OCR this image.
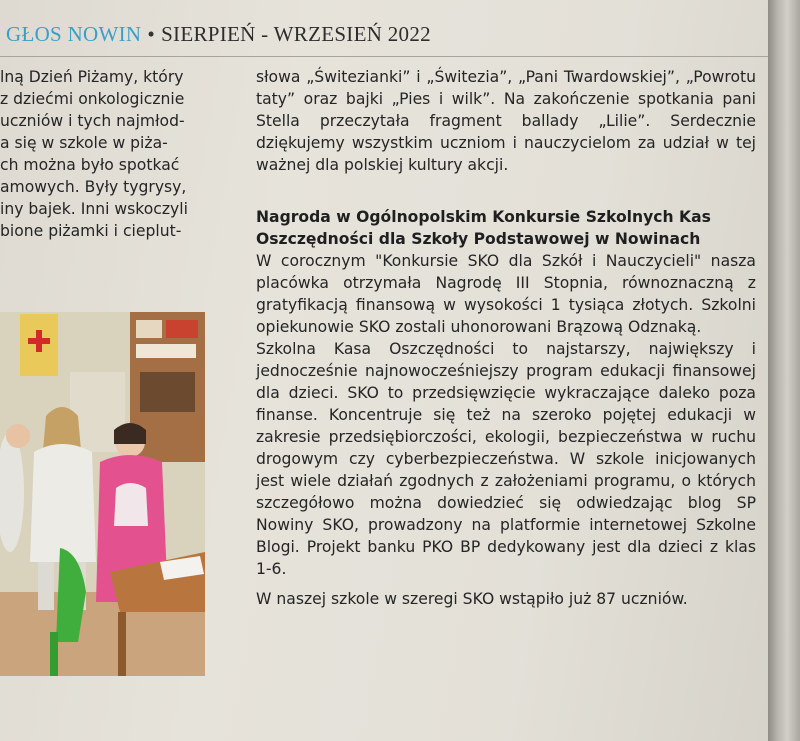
GŁOS NOWIN • SIERPIEŃ - WRZESIEŃ 2022
lną Dzień Piżamy, który
z dziećmi onkologicznie
uczniów i tych najmłod-
a się w szkole w piża-
ch można było spotkać
amowych. Były tygrysy,
iny bajek. Inni wskoczyli
bione piżamki i cieplut-

słowa „Świtezianki” i „Świtezia”, „Pani Twardowskiej”, „Powrotu taty” oraz bajki „Pies i wilk”. Na zakończenie spotkania pani Stella przeczytała fragment ballady „Lilie”. Serdecznie dziękujemy wszystkim uczniom i nauczycielom za udział w tej ważnej dla polskiej kultury akcji.

Nagroda w Ogólnopolskim Konkursie Szkolnych Kas Oszczędności dla Szkoły Podstawowej w Nowinach

W corocznym "Konkursie SKO dla Szkół i Nauczycieli" nasza placówka otrzymała Nagrodę III Stopnia, równoznaczną z gratyfikacją finansową w wysokości 1 tysiąca złotych. Szkolni opiekunowie SKO zostali uhonorowani Brązową Odznaką.

Szkolna Kasa Oszczędności to najstarszy, największy i jednocześnie najnowocześniejszy program edukacji finansowej dla dzieci. SKO to przedsięwzięcie wykraczające daleko poza finanse. Koncentruje się też na szeroko pojętej edukacji w zakresie przedsiębiorczości, ekologii, bezpieczeństwa w ruchu drogowym czy cyberbezpieczeństwa. W szkole inicjowanych jest wiele działań zgodnych z założeniami programu, o których szczegółowo można dowiedzieć się odwiedzając blog SP Nowiny SKO, prowadzony na platformie internetowej Szkolne Blogi. Projekt banku PKO BP dedykowany jest dla dzieci z klas 1-6.

W naszej szkole w szeregi SKO wstąpiło już 87 uczniów.
